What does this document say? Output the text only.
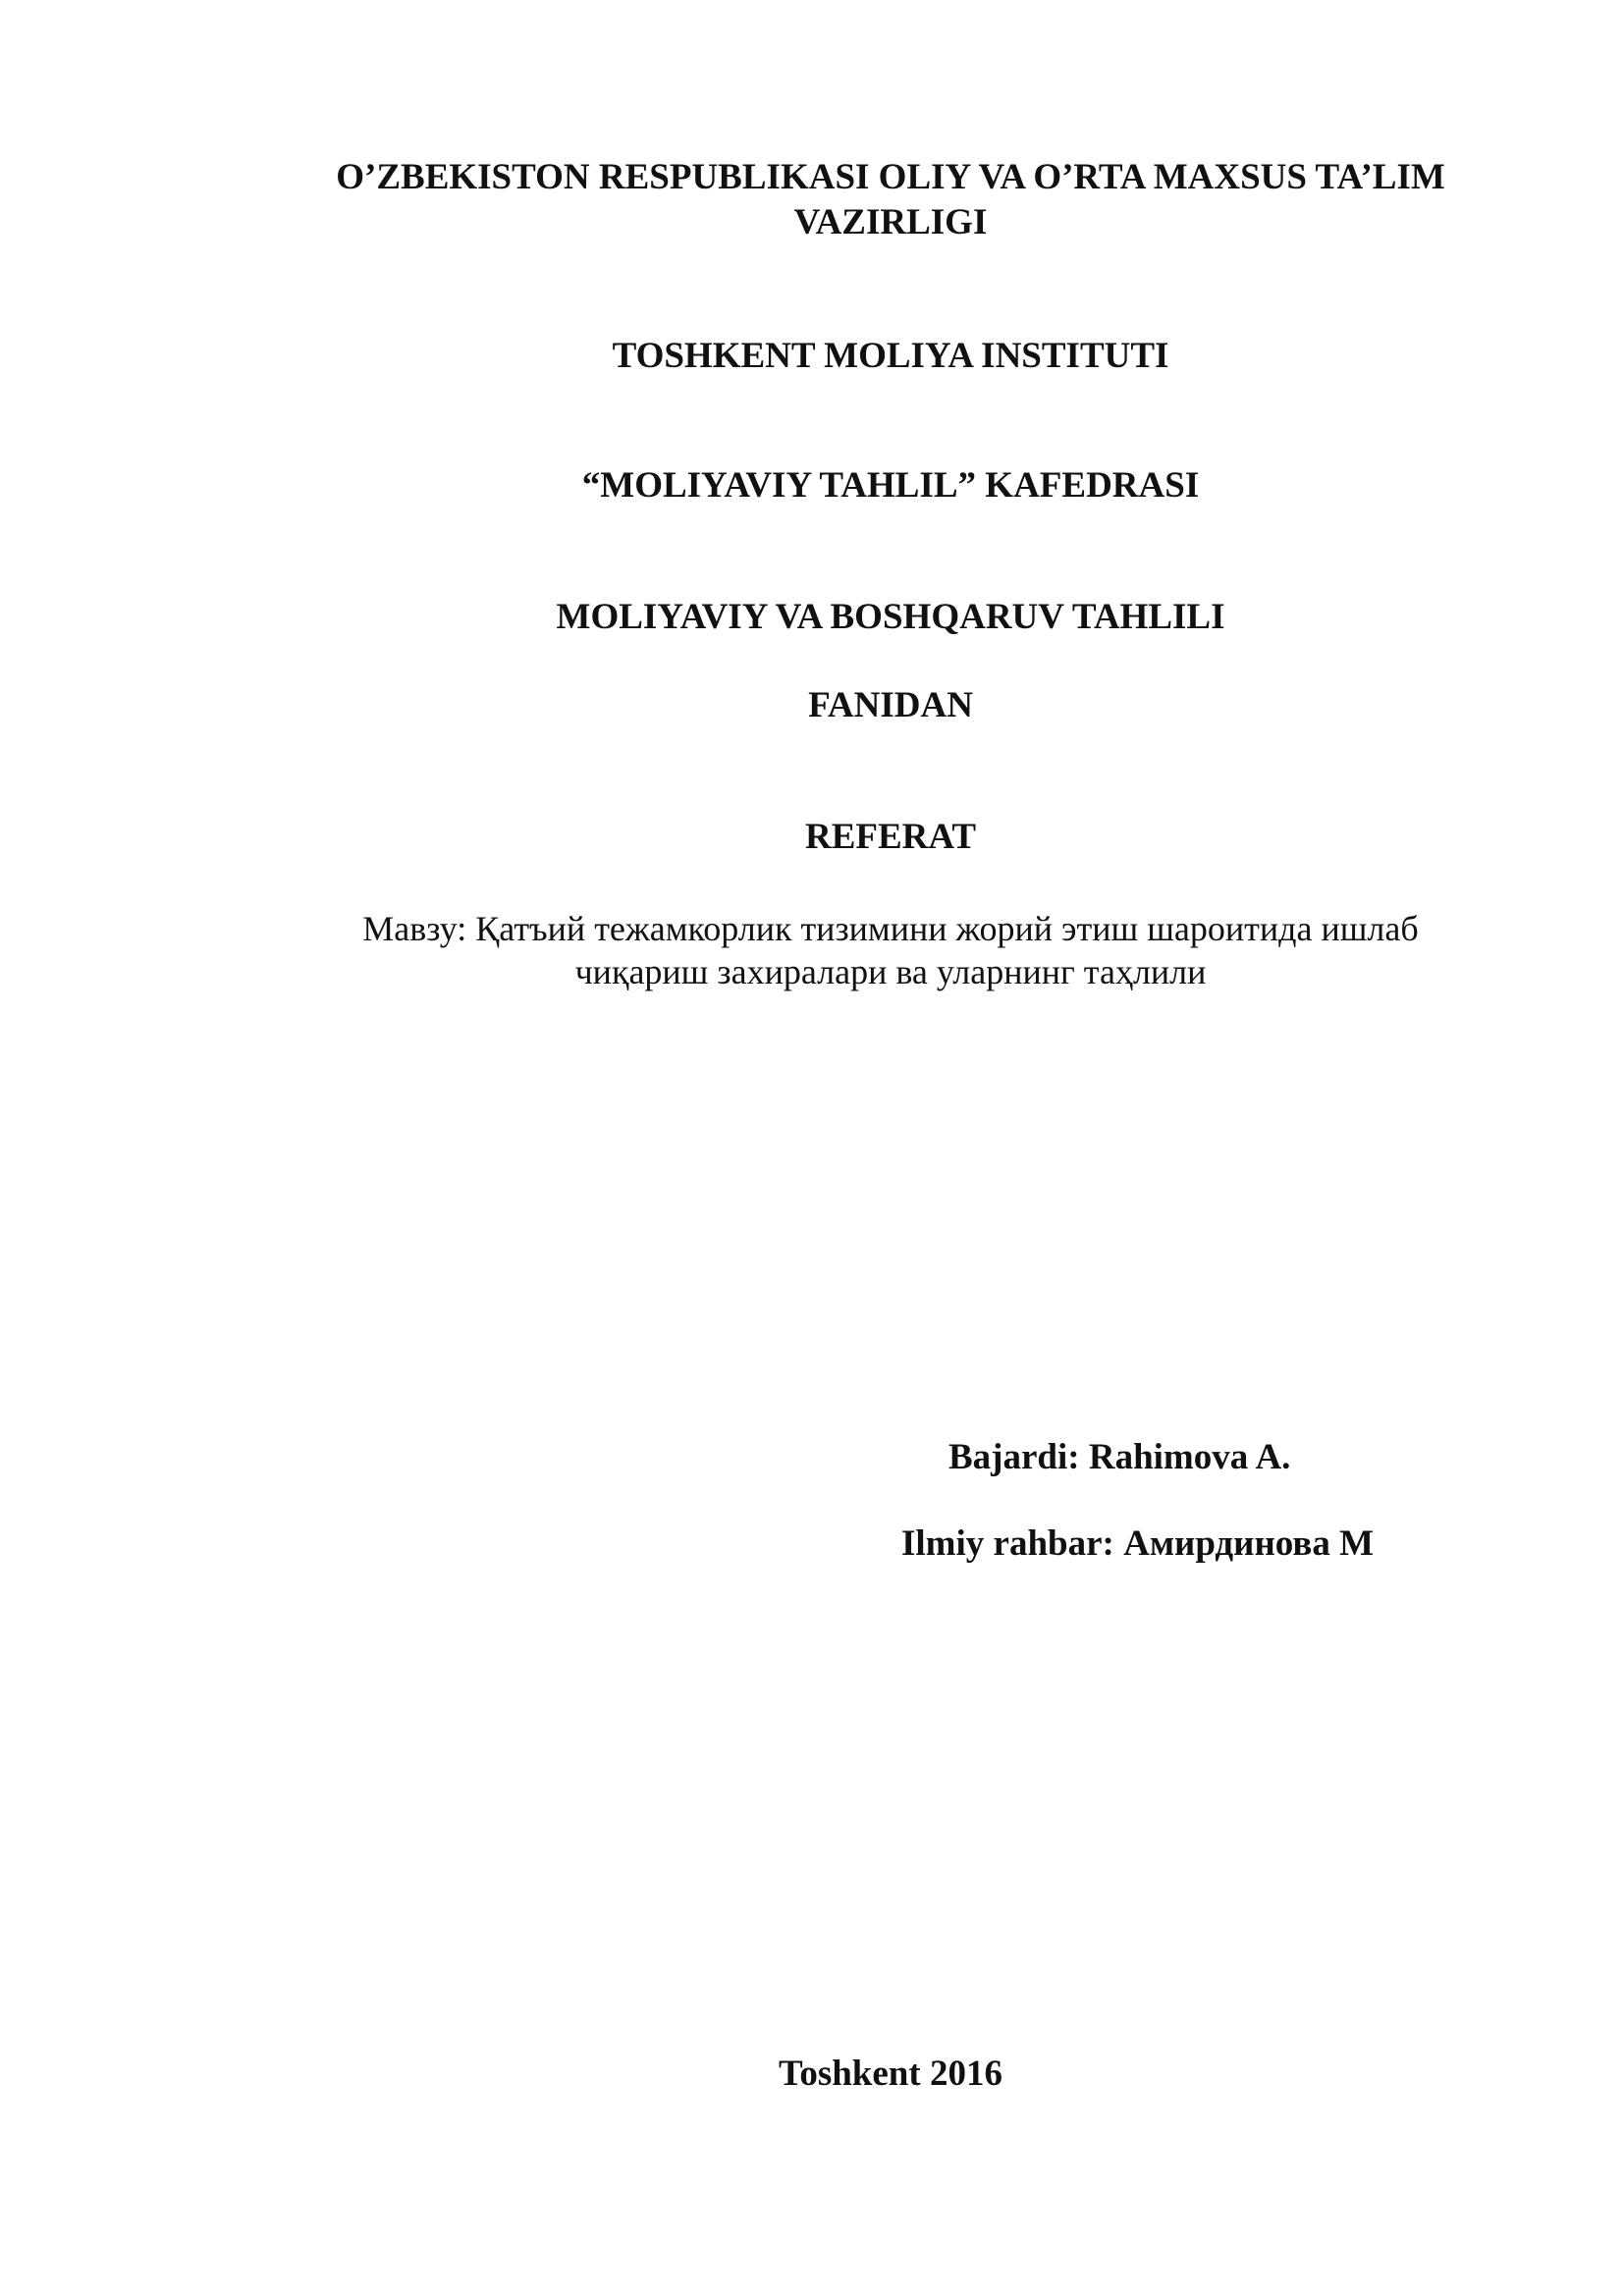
O’ZBEKISTON RESPUBLIKASI OLIY VA O’RTA MAXSUS TA’LIM
VAZIRLIGI
TOSHKENT MOLIYA INSTITUTI
“MOLIYAVIY TAHLIL” KAFEDRASI
MOLIYAVIY VA BOSHQARUV TAHLILI
FANIDAN
REFERAT
Мавзу: Қатъий тежамкорлик тизимини жорий этиш шароитида ишлаб
чиқариш захиралари ва уларнинг таҳлили
Bajardi: Rahimova A.
Ilmiy rahbar: Амирдинова М
Toshkent 2016
